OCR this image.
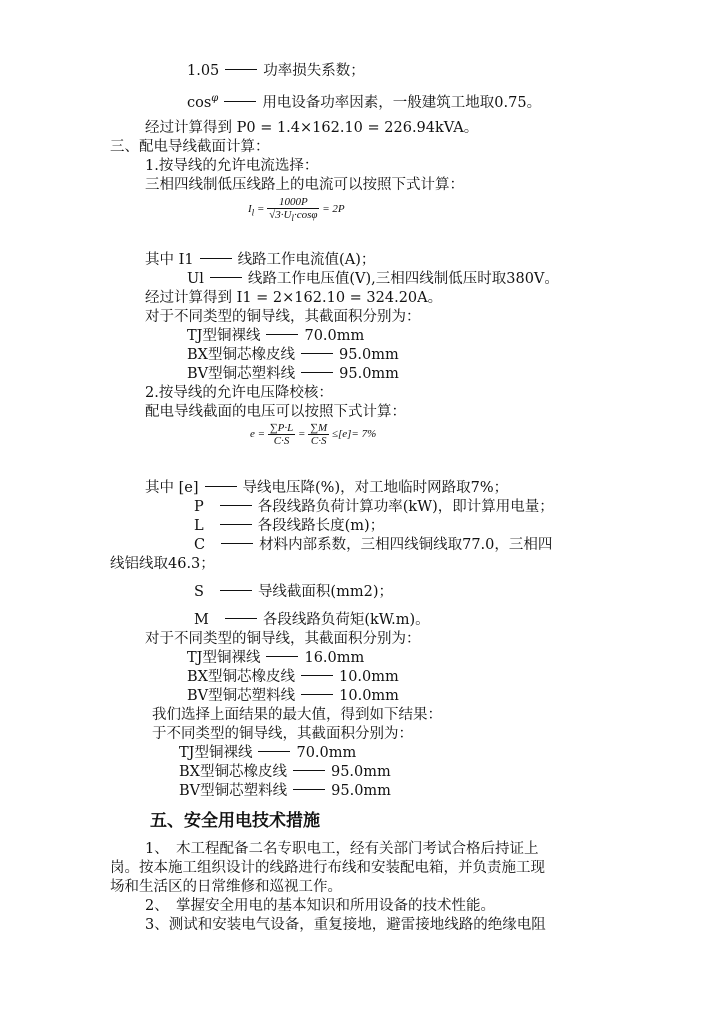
1.05	功率损失系数；
$\cos^\varphi$	用电设备功率因素，一般建筑工地取0.75。
经过计算得到 P0 = 1.4×162.10 = 226.94kVA。
三、配电导线截面计算：
1.按导线的允许电流选择：
三相四线制低压线路上的电流可以按照下式计算：
$I_l = \frac{1000P}{√3\cdot U_l\cdot\cos\varphi} = 2P$
其中 I1	线路工作电流值(A)；
Ul	线路工作电压值(V),三相四线制低压时取380V。
经过计算得到 I1 = 2×162.10 = 324.20A。
对于不同类型的铜导线，其截面积分别为：
TJ型铜裸线	70.0mm
BX型铜芯橡皮线	95.0mm
BV型铜芯塑料线	95.0mm
2.按导线的允许电压降校核：
配电导线截面的电压可以按照下式计算：
$e = \frac{\sum P\cdot L}{C\cdot S} = \frac{\sum M}{C\cdot S} \le[e]= 7\%$
其中 [e]	导线电压降(%)，对工地临时网路取7%；
P	各段线路负荷计算功率(kW)，即计算用电量；
L	各段线路长度(m)；
C	材料内部系数，三相四线铜线取77.0，三相四
线铝线取46.3；
S	导线截面积(mm2)；
M	各段线路负荷矩(kW.m)。
对于不同类型的铜导线，其截面积分别为：
TJ型铜裸线	16.0mm
BX型铜芯橡皮线	10.0mm
BV型铜芯塑料线	10.0mm
我们选择上面结果的最大值，得到如下结果：
于不同类型的铜导线，其截面积分别为：
TJ型铜裸线	70.0mm
BX型铜芯橡皮线	95.0mm
BV型铜芯塑料线	95.0mm
五、安全用电技术措施
1、　木工程配备二名专职电工，经有关部门考试合格后持证上
岗。按本施工组织设计的线路进行布线和安装配电箱，并负责施工现
场和生活区的日常维修和巡视工作。
2、　掌握安全用电的基本知识和所用设备的技术性能。
3、测试和安装电气设备，重复接地，避雷接地线路的绝缘电阻
